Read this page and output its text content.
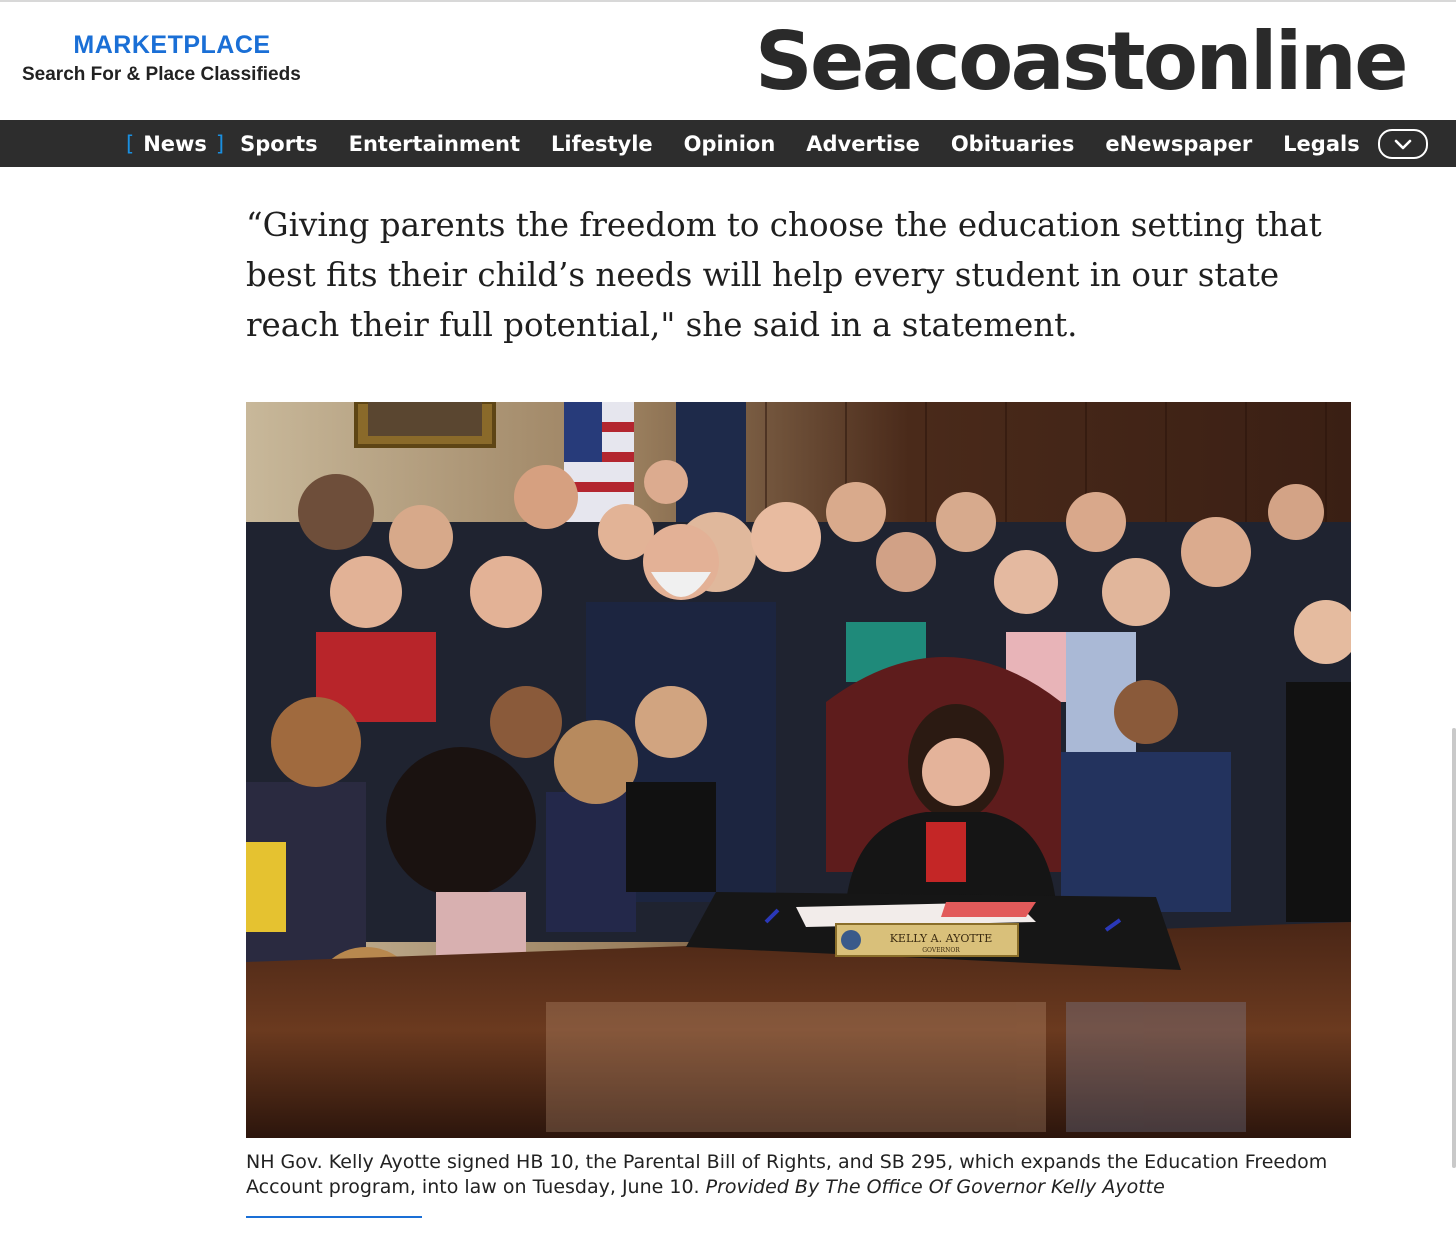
MARKETPLACE
Search For & Place Classifieds	Seacoastonline
[ News ] Sports Entertainment Lifestyle Opinion Advertise Obituaries eNewspaper Legals

“Giving parents the freedom to choose the education setting that best fits their child’s needs will help every student in our state reach their full potential," she said in a statement.

KELLY A. AYOTTE
GOVERNOR

NH Gov. Kelly Ayotte signed HB 10, the Parental Bill of Rights, and SB 295, which expands the Education Freedom Account program, into law on Tuesday, June 10. Provided By The Office Of Governor Kelly Ayotte
